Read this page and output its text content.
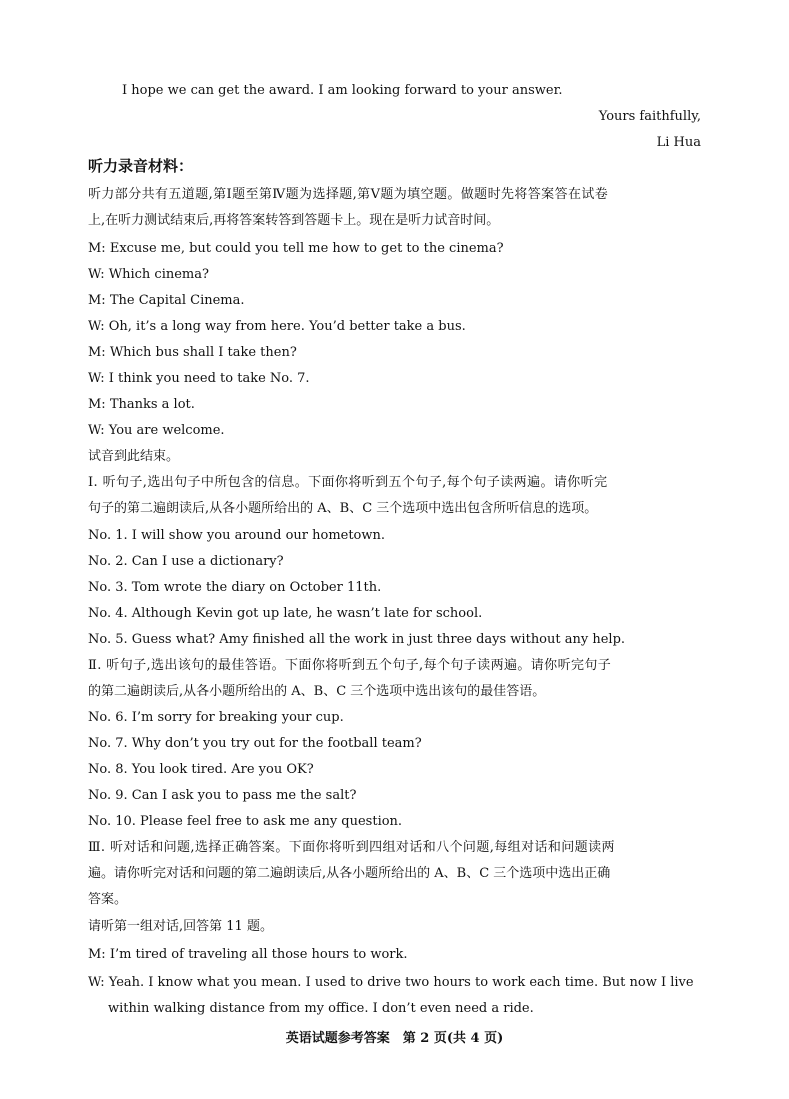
I hope we can get the award. I am looking forward to your answer.
Yours faithfully,
Li Hua
听力录音材料：
听力部分共有五道题,第Ⅰ题至第Ⅳ题为选择题,第Ⅴ题为填空题。做题时先将答案答在试卷
上,在听力测试结束后,再将答案转答到答题卡上。现在是听力试音时间。
M: Excuse me, but could you tell me how to get to the cinema?
W: Which cinema?
M: The Capital Cinema.
W: Oh, it’s a long way from here. You’d better take a bus.
M: Which bus shall I take then?
W: I think you need to take No. 7.
M: Thanks a lot.
W: You are welcome.
试音到此结束。
Ⅰ. 听句子,选出句子中所包含的信息。下面你将听到五个句子,每个句子读两遍。请你听完
句子的第二遍朗读后,从各小题所给出的 A、B、C 三个选项中选出包含所听信息的选项。
No. 1. I will show you around our hometown.
No. 2. Can I use a dictionary?
No. 3. Tom wrote the diary on October 11th.
No. 4. Although Kevin got up late, he wasn’t late for school.
No. 5. Guess what? Amy finished all the work in just three days without any help.
Ⅱ. 听句子,选出该句的最佳答语。下面你将听到五个句子,每个句子读两遍。请你听完句子
的第二遍朗读后,从各小题所给出的 A、B、C 三个选项中选出该句的最佳答语。
No. 6. I’m sorry for breaking your cup.
No. 7. Why don’t you try out for the football team?
No. 8. You look tired. Are you OK?
No. 9. Can I ask you to pass me the salt?
No. 10. Please feel free to ask me any question.
Ⅲ. 听对话和问题,选择正确答案。下面你将听到四组对话和八个问题,每组对话和问题读两
遍。请你听完对话和问题的第二遍朗读后,从各小题所给出的 A、B、C 三个选项中选出正确
答案。
请听第一组对话,回答第 11 题。
M: I’m tired of traveling all those hours to work.
W: Yeah. I know what you mean. I used to drive two hours to work each time. But now I live
within walking distance from my office. I don’t even need a ride.
英语试题参考答案　第 2 页(共 4 页)
